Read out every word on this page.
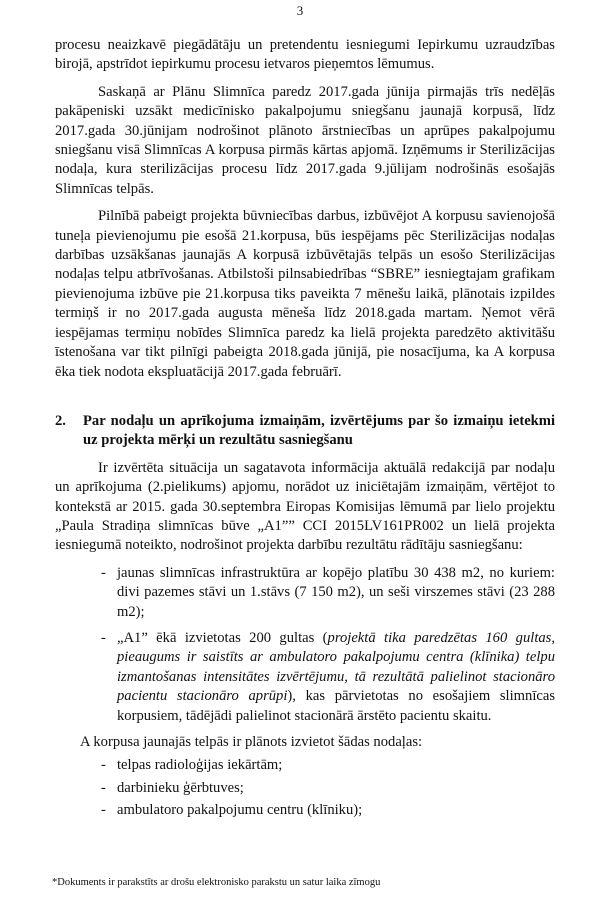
3

procesu neaizkavē piegādātāju un pretendentu iesniegumi Iepirkumu uzraudzības birojā, apstrīdot iepirkumu procesu ietvaros pieņemtos lēmumus.

Saskaņā ar Plānu Slimnīca paredz 2017.gada jūnija pirmajās trīs nedēļās pakāpeniski uzsākt medicīnisko pakalpojumu sniegšanu jaunajā korpusā, līdz 2017.gada 30.jūnijam nodrošinot plānoto ārstniecības un aprūpes pakalpojumu sniegšanu visā Slimnīcas A korpusa pirmās kārtas apjomā. Izņēmums ir Sterilizācijas nodaļa, kura sterilizācijas procesu līdz 2017.gada 9.jūlijam nodrošinās esošajās Slimnīcas telpās.

Pilnībā pabeigt projekta būvniecības darbus, izbūvējot A korpusu savienojošā tuneļa pievienojumu pie esošā 21.korpusa, būs iespējams pēc Sterilizācijas nodaļas darbības uzsākšanas jaunajās A korpusā izbūvētajās telpās un esošo Sterilizācijas nodaļas telpu atbrīvošanas. Atbilstoši pilnsabiedrības “SBRE” iesniegtajam grafikam pievienojuma izbūve pie 21.korpusa tiks paveikta 7 mēnešu laikā, plānotais izpildes termiņš ir no 2017.gada augusta mēneša līdz 2018.gada martam. Ņemot vērā iespējamas termiņu nobīdes Slimnīca paredz ka lielā projekta paredzēto aktivitāšu īstenošana var tikt pilnīgi pabeigta 2018.gada jūnijā, pie nosacījuma, ka A korpusa ēka tiek nodota ekspluatācijā 2017.gada februārī.

2.	Par nodaļu un aprīkojuma izmaiņām, izvērtējums par šo izmaiņu ietekmi uz projekta mērķi un rezultātu sasniegšanu

Ir izvērtēta situācija un sagatavota informācija aktuālā redakcijā par nodaļu un aprīkojuma (2.pielikums) apjomu, norādot uz iniciētajām izmaiņām, vērtējot to kontekstā ar 2015. gada 30.septembra Eiropas Komisijas lēmumā par lielo projektu „Paula Stradiņa slimnīcas būve „A1”” CCI 2015LV161PR002 un lielā projekta iesniegumā noteikto, nodrošinot projekta darbību rezultātu rādītāju sasniegšanu:

- jaunas slimnīcas infrastruktūra ar kopējo platību 30 438 m2, no kuriem: divi pazemes stāvi un 1.stāvs (7 150 m2), un seši virszemes stāvi (23 288 m2);
- „A1” ēkā izvietotas 200 gultas (projektā tika paredzētas 160 gultas, pieaugums ir saistīts ar ambulatoro pakalpojumu centra (klīnika) telpu izmantošanas intensitātes izvērtējumu, tā rezultātā palielinot stacionāro pacientu stacionāro aprūpi), kas pārvietotas no esošajiem slimnīcas korpusiem, tādējādi palielinot stacionārā ārstēto pacientu skaitu.

A korpusa jaunajās telpās ir plānots izvietot šādas nodaļas:

- telpas radioloģijas iekārtām;
- darbinieku ģērbtuves;
- ambulatoro pakalpojumu centru (klīniku);
*Dokuments ir parakstīts ar drošu elektronisko parakstu un satur laika zīmogu
